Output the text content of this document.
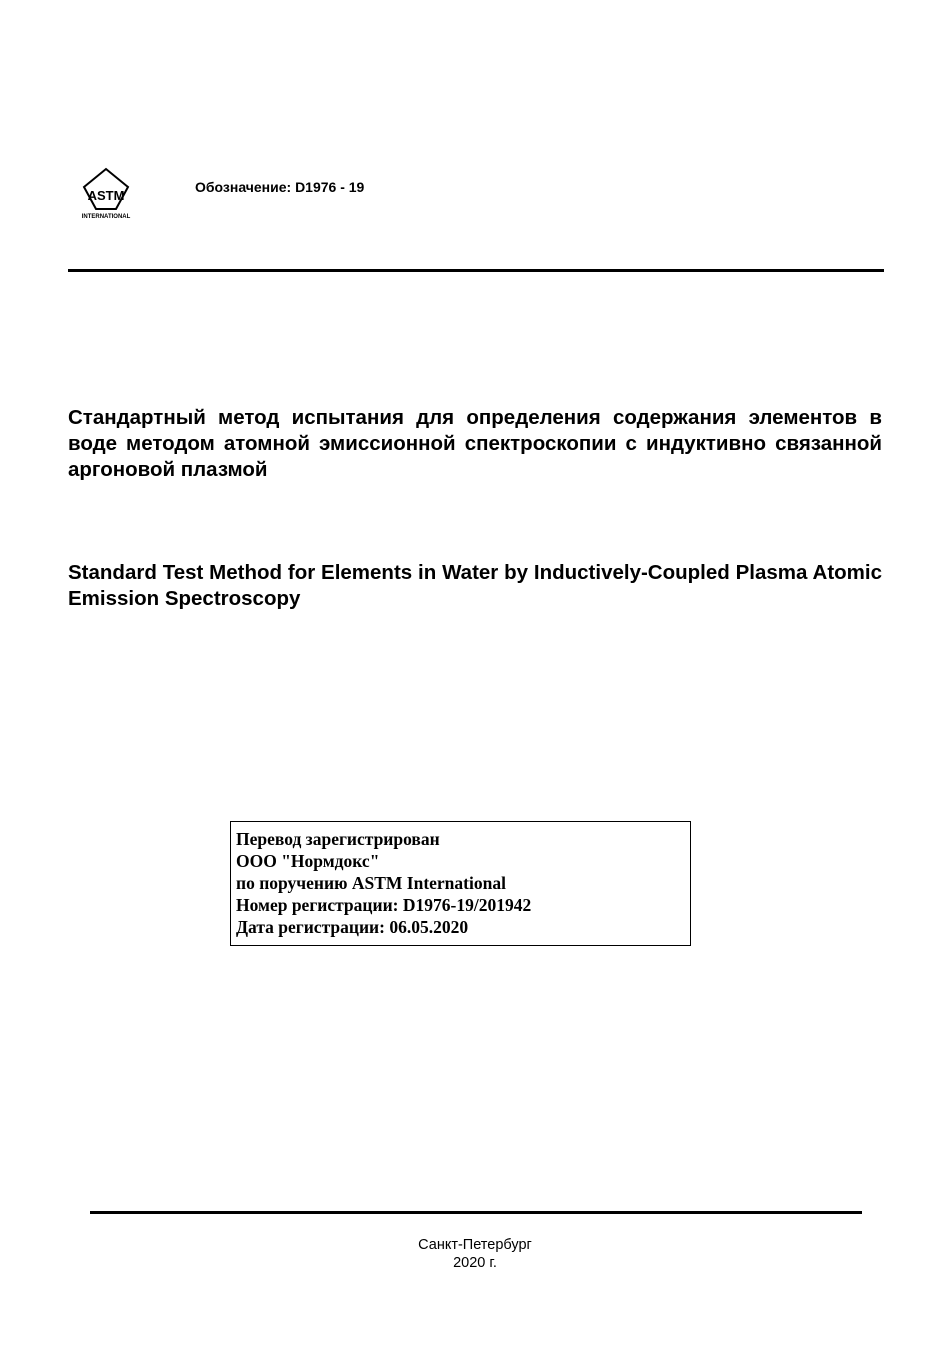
ASTM
INTERNATIONAL
Обозначение: D1976 - 19
Стандартный метод испытания для определения содержания элементов в воде методом атомной эмиссионной спектроскопии с индуктивно связанной аргоновой плазмой
Standard Test Method for Elements in Water by Inductively-Coupled Plasma Atomic Emission Spectroscopy
Перевод зарегистрирован
ООО "Нормдокс"
по поручению ASTM International
Номер регистрации: D1976-19/201942
Дата регистрации: 06.05.2020
Санкт-Петербург
2020 г.
